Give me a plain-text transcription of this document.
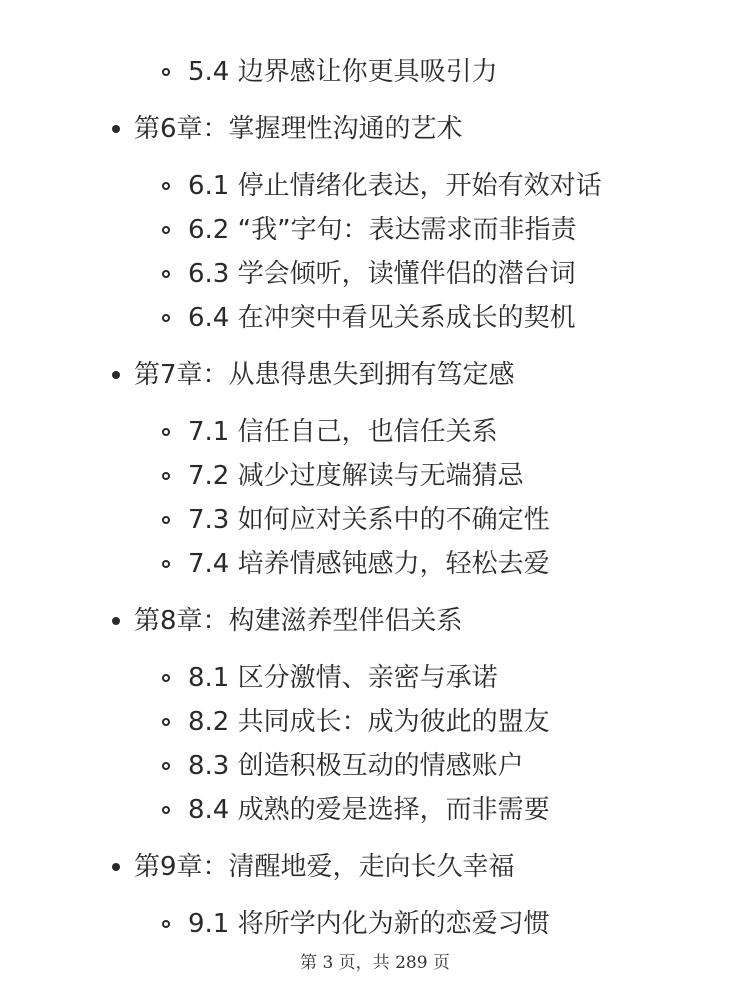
5.4 边界感让你更具吸引力
第6章：掌握理性沟通的艺术
6.1 停止情绪化表达，开始有效对话
6.2 “我”字句：表达需求而非指责
6.3 学会倾听，读懂伴侣的潜台词
6.4 在冲突中看见关系成长的契机
第7章：从患得患失到拥有笃定感
7.1 信任自己，也信任关系
7.2 减少过度解读与无端猜忌
7.3 如何应对关系中的不确定性
7.4 培养情感钝感力，轻松去爱
第8章：构建滋养型伴侣关系
8.1 区分激情、亲密与承诺
8.2 共同成长：成为彼此的盟友
8.3 创造积极互动的情感账户
8.4 成熟的爱是选择，而非需要
第9章：清醒地爱，走向长久幸福
9.1 将所学内化为新的恋爱习惯
第 3 页，共 289 页
